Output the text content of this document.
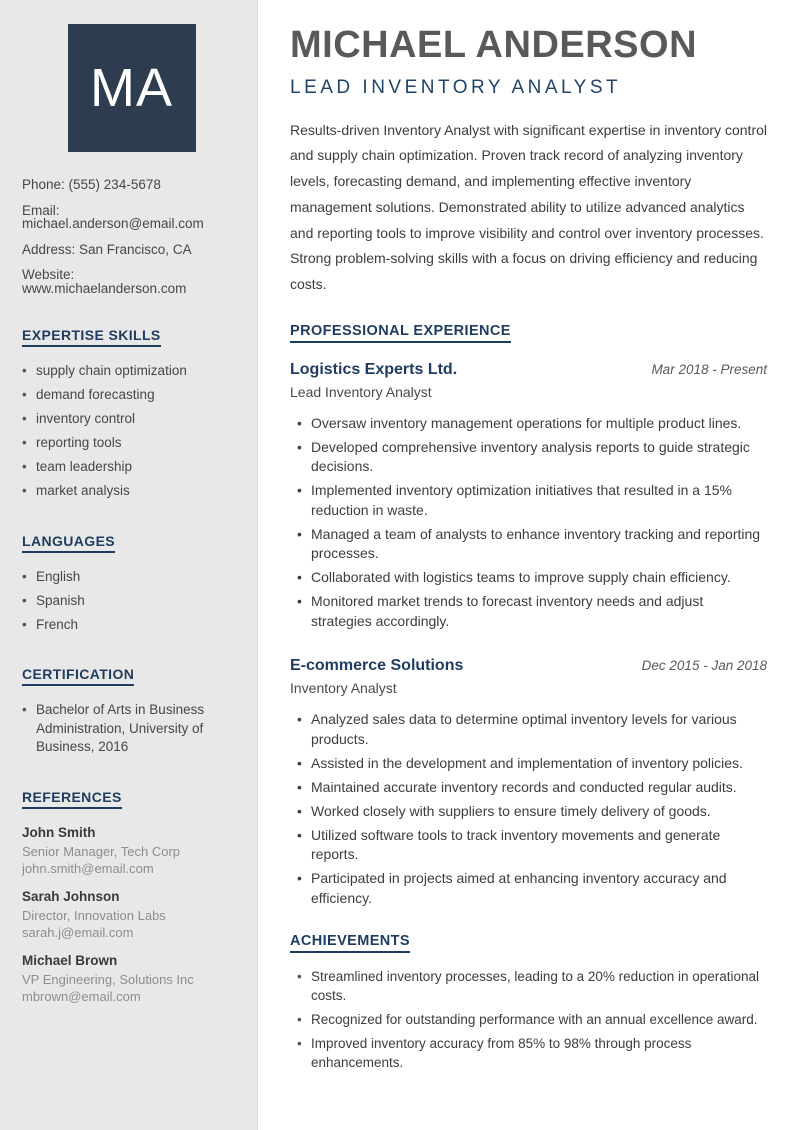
MA
Phone: (555) 234-5678
Email: michael.anderson@email.com
Address: San Francisco, CA
Website: www.michaelanderson.com
EXPERTISE SKILLS
• supply chain optimization
• demand forecasting
• inventory control
• reporting tools
• team leadership
• market analysis
LANGUAGES
• English
• Spanish
• French
CERTIFICATION
• Bachelor of Arts in Business Administration, University of Business, 2016
REFERENCES
John Smith
Senior Manager, Tech Corp
john.smith@email.com
Sarah Johnson
Director, Innovation Labs
sarah.j@email.com
Michael Brown
VP Engineering, Solutions Inc
mbrown@email.com
MICHAEL ANDERSON
LEAD INVENTORY ANALYST

Results-driven Inventory Analyst with significant expertise in inventory control and supply chain optimization. Proven track record of analyzing inventory levels, forecasting demand, and implementing effective inventory management solutions. Demonstrated ability to utilize advanced analytics and reporting tools to improve visibility and control over inventory processes. Strong problem-solving skills with a focus on driving efficiency and reducing costs.

PROFESSIONAL EXPERIENCE
Logistics Experts Ltd.	Mar 2018 - Present
Lead Inventory Analyst
• Oversaw inventory management operations for multiple product lines.
• Developed comprehensive inventory analysis reports to guide strategic decisions.
• Implemented inventory optimization initiatives that resulted in a 15% reduction in waste.
• Managed a team of analysts to enhance inventory tracking and reporting processes.
• Collaborated with logistics teams to improve supply chain efficiency.
• Monitored market trends to forecast inventory needs and adjust strategies accordingly.
E-commerce Solutions	Dec 2015 - Jan 2018
Inventory Analyst
• Analyzed sales data to determine optimal inventory levels for various products.
• Assisted in the development and implementation of inventory policies.
• Maintained accurate inventory records and conducted regular audits.
• Worked closely with suppliers to ensure timely delivery of goods.
• Utilized software tools to track inventory movements and generate reports.
• Participated in projects aimed at enhancing inventory accuracy and efficiency.
ACHIEVEMENTS
• Streamlined inventory processes, leading to a 20% reduction in operational costs.
• Recognized for outstanding performance with an annual excellence award.
• Improved inventory accuracy from 85% to 98% through process enhancements.
